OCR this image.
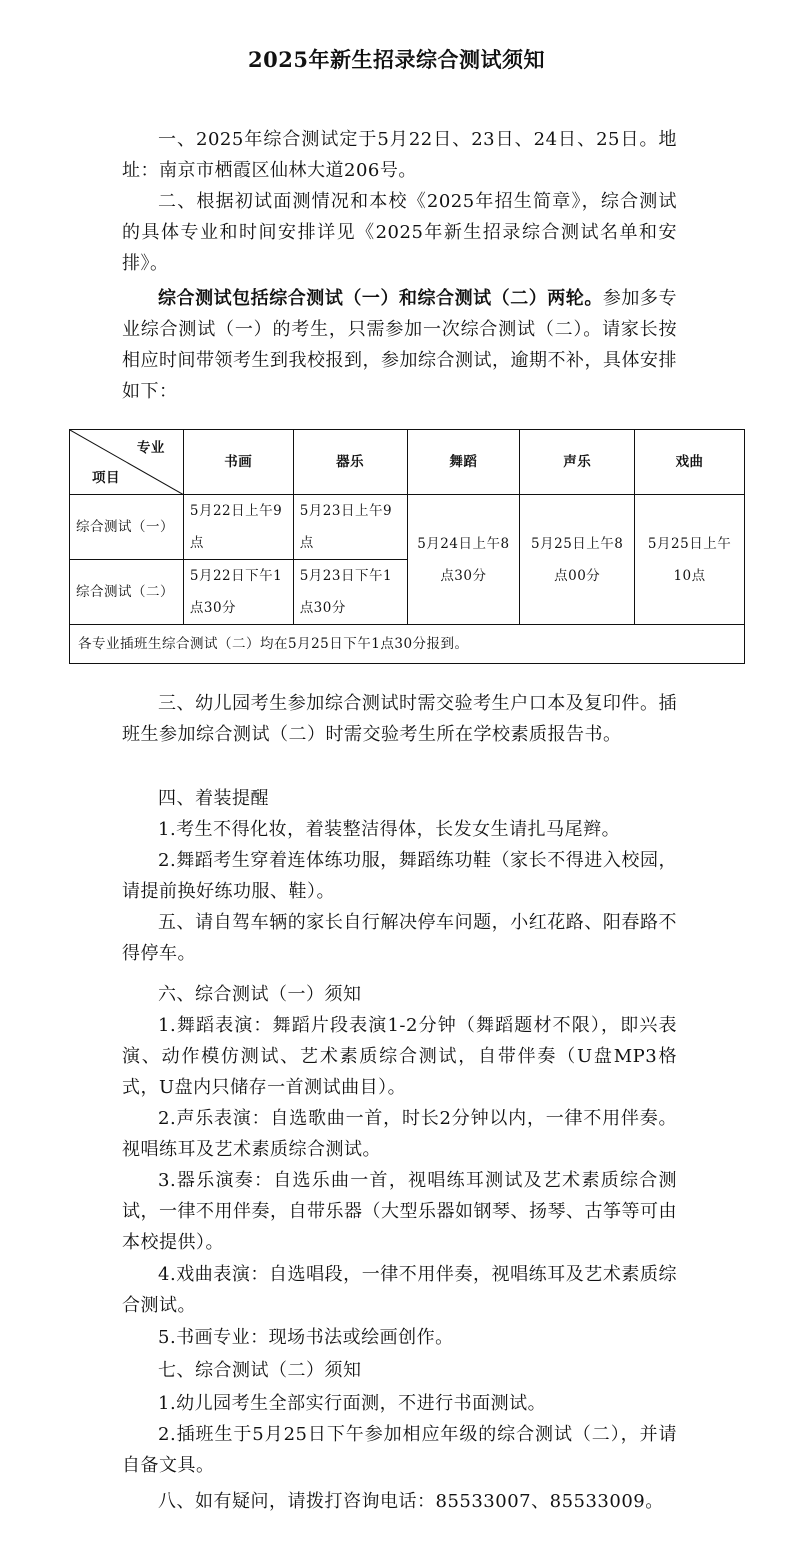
2025年新生招录综合测试须知

一、2025年综合测试定于5月22日、23日、24日、25日。地址：南京市栖霞区仙林大道206号。

二、根据初试面测情况和本校《2025年招生简章》，综合测试的具体专业和时间安排详见《2025年新生招录综合测试名单和安排》。

综合测试包括综合测试（一）和综合测试（二）两轮。参加多专业综合测试（一）的考生，只需参加一次综合测试（二）。请家长按相应时间带领考生到我校报到，参加综合测试，逾期不补，具体安排如下：

专业
项目	书画	器乐	舞蹈	声乐	戏曲
综合测试（一）	5月22日上午9点	5月23日上午9点	5月24日上午8点30分	5月25日上午8点00分	5月25日上午10点
综合测试（二）	5月22日下午1点30分	5月23日下午1点30分			
各专业插班生综合测试（二）均在5月25日下午1点30分报到。					

三、幼儿园考生参加综合测试时需交验考生户口本及复印件。插班生参加综合测试（二）时需交验考生所在学校素质报告书。

四、着装提醒

1.考生不得化妆，着装整洁得体，长发女生请扎马尾辫。

2.舞蹈考生穿着连体练功服，舞蹈练功鞋（家长不得进入校园，请提前换好练功服、鞋）。

五、请自驾车辆的家长自行解决停车问题，小红花路、阳春路不得停车。

六、综合测试（一）须知

1.舞蹈表演：舞蹈片段表演1-2分钟（舞蹈题材不限），即兴表演、动作模仿测试、艺术素质综合测试，自带伴奏（U盘MP3格式，U盘内只储存一首测试曲目）。

2.声乐表演：自选歌曲一首，时长2分钟以内，一律不用伴奏。视唱练耳及艺术素质综合测试。

3.器乐演奏：自选乐曲一首，视唱练耳测试及艺术素质综合测试，一律不用伴奏，自带乐器（大型乐器如钢琴、扬琴、古筝等可由本校提供）。

4.戏曲表演：自选唱段，一律不用伴奏，视唱练耳及艺术素质综合测试。

5.书画专业：现场书法或绘画创作。

七、综合测试（二）须知

1.幼儿园考生全部实行面测，不进行书面测试。

2.插班生于5月25日下午参加相应年级的综合测试（二），并请自备文具。

八、如有疑问，请拨打咨询电话：85533007、85533009。
